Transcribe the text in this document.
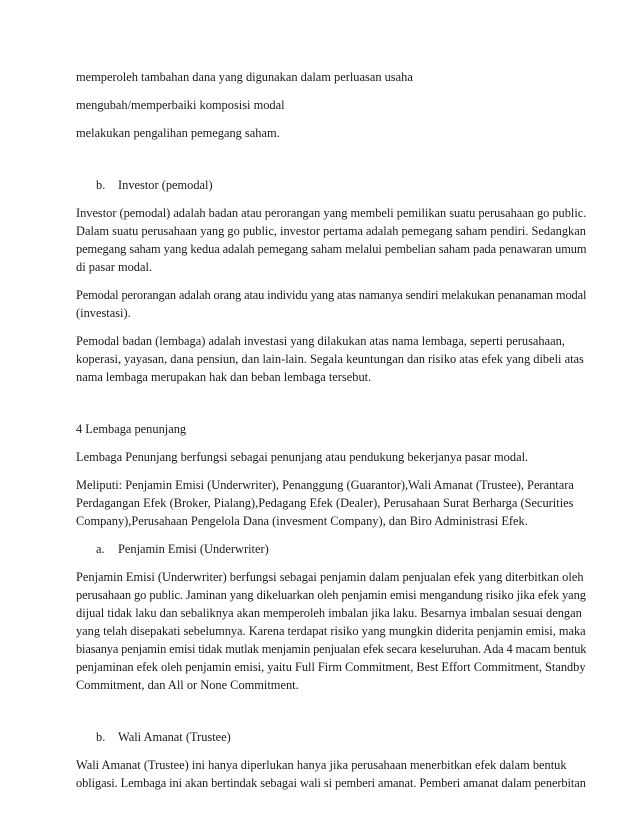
memperoleh tambahan dana yang digunakan dalam perluasan usaha

mengubah/memperbaiki komposisi modal

melakukan pengalihan pemegang saham.

b.	Investor (pemodal)

Investor (pemodal) adalah badan atau perorangan yang membeli pemilikan suatu perusahaan go public.
Dalam suatu perusahaan yang go public, investor pertama adalah pemegang saham pendiri. Sedangkan
pemegang saham yang kedua adalah pemegang saham melalui pembelian saham pada penawaran umum
di pasar modal.

Pemodal perorangan adalah orang atau individu yang atas namanya sendiri melakukan penanaman modal
(investasi).

Pemodal badan (lembaga) adalah investasi yang dilakukan atas nama lembaga, seperti perusahaan,
koperasi, yayasan, dana pensiun, dan lain-lain. Segala keuntungan dan risiko atas efek yang dibeli atas
nama lembaga merupakan hak dan beban lembaga tersebut.

4 Lembaga penunjang

Lembaga Penunjang berfungsi sebagai penunjang atau pendukung bekerjanya pasar modal.

Meliputi: Penjamin Emisi (Underwriter), Penanggung (Guarantor),Wali Amanat (Trustee), Perantara
Perdagangan Efek (Broker, Pialang),Pedagang Efek (Dealer), Perusahaan Surat Berharga (Securities
Company),Perusahaan Pengelola Dana (invesment Company), dan Biro Administrasi Efek.

a.	Penjamin Emisi (Underwriter)

Penjamin Emisi (Underwriter) berfungsi sebagai penjamin dalam penjualan efek yang diterbitkan oleh
perusahaan go public. Jaminan yang dikeluarkan oleh penjamin emisi mengandung risiko jika efek yang
dijual tidak laku dan sebaliknya akan memperoleh imbalan jika laku. Besarnya imbalan sesuai dengan
yang telah disepakati sebelumnya. Karena terdapat risiko yang mungkin diderita penjamin emisi, maka
biasanya penjamin emisi tidak mutlak menjamin penjualan efek secara keseluruhan. Ada 4 macam bentuk
penjaminan efek oleh penjamin emisi, yaitu Full Firm Commitment, Best Effort Commitment, Standby
Commitment, dan All or None Commitment.

b.	Wali Amanat (Trustee)

Wali Amanat (Trustee) ini hanya diperlukan hanya jika perusahaan menerbitkan efek dalam bentuk
obligasi. Lembaga ini akan bertindak sebagai wali si pemberi amanat. Pemberi amanat dalam penerbitan
